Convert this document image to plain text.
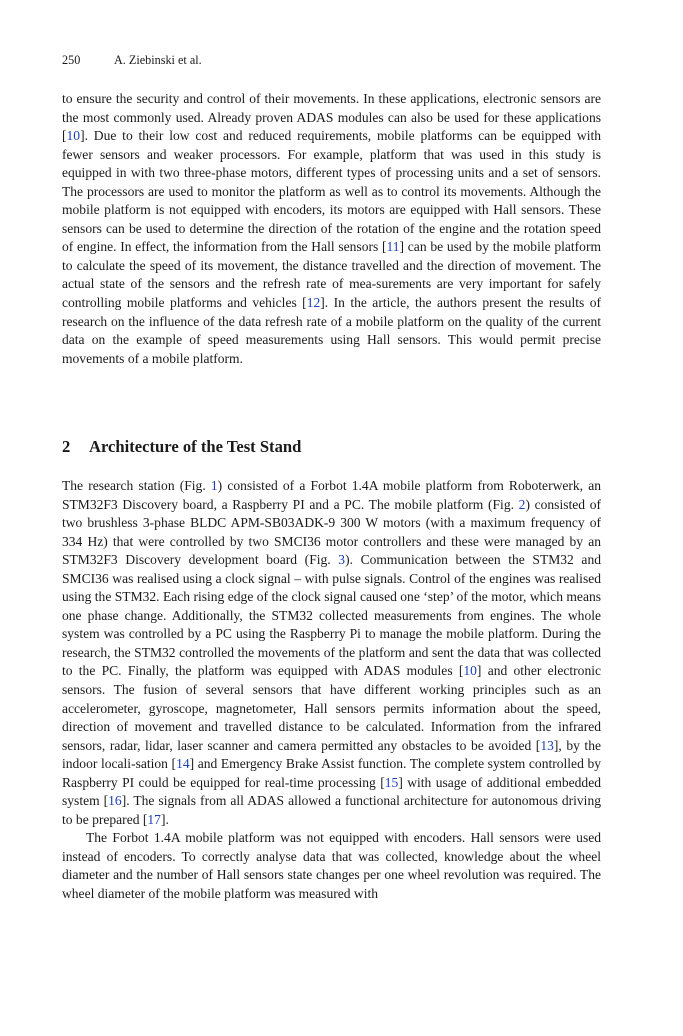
250	A. Ziebinski et al.

to ensure the security and control of their movements. In these applications, electronic sensors are the most commonly used. Already proven ADAS modules can also be used for these applications [10]. Due to their low cost and reduced requirements, mobile platforms can be equipped with fewer sensors and weaker processors. For example, platform that was used in this study is equipped in with two three-phase motors, different types of processing units and a set of sensors. The processors are used to monitor the platform as well as to control its movements. Although the mobile platform is not equipped with encoders, its motors are equipped with Hall sensors. These sensors can be used to determine the direction of the rotation of the engine and the rotation speed of engine. In effect, the information from the Hall sensors [11] can be used by the mobile platform to calculate the speed of its movement, the distance travelled and the direction of movement. The actual state of the sensors and the refresh rate of mea-surements are very important for safely controlling mobile platforms and vehicles [12]. In the article, the authors present the results of research on the influence of the data refresh rate of a mobile platform on the quality of the current data on the example of speed measurements using Hall sensors. This would permit precise movements of a mobile platform.

2 Architecture of the Test Stand

The research station (Fig. 1) consisted of a Forbot 1.4A mobile platform from Roboterwerk, an STM32F3 Discovery board, a Raspberry PI and a PC. The mobile platform (Fig. 2) consisted of two brushless 3-phase BLDC APM-SB03ADK-9 300 W motors (with a maximum frequency of 334 Hz) that were controlled by two SMCI36 motor controllers and these were managed by an STM32F3 Discovery development board (Fig. 3). Communication between the STM32 and SMCI36 was realised using a clock signal – with pulse signals. Control of the engines was realised using the STM32. Each rising edge of the clock signal caused one ‘step’ of the motor, which means one phase change. Additionally, the STM32 collected measurements from engines. The whole system was controlled by a PC using the Raspberry Pi to manage the mobile platform. During the research, the STM32 controlled the movements of the platform and sent the data that was collected to the PC. Finally, the platform was equipped with ADAS modules [10] and other electronic sensors. The fusion of several sensors that have different working principles such as an accelerometer, gyroscope, magnetometer, Hall sensors permits information about the speed, direction of movement and travelled distance to be calculated. Information from the infrared sensors, radar, lidar, laser scanner and camera permitted any obstacles to be avoided [13], by the indoor locali-sation [14] and Emergency Brake Assist function. The complete system controlled by Raspberry PI could be equipped for real-time processing [15] with usage of additional embedded system [16]. The signals from all ADAS allowed a functional architecture for autonomous driving to be prepared [17].

The Forbot 1.4A mobile platform was not equipped with encoders. Hall sensors were used instead of encoders. To correctly analyse data that was collected, knowledge about the wheel diameter and the number of Hall sensors state changes per one wheel revolution was required. The wheel diameter of the mobile platform was measured with
